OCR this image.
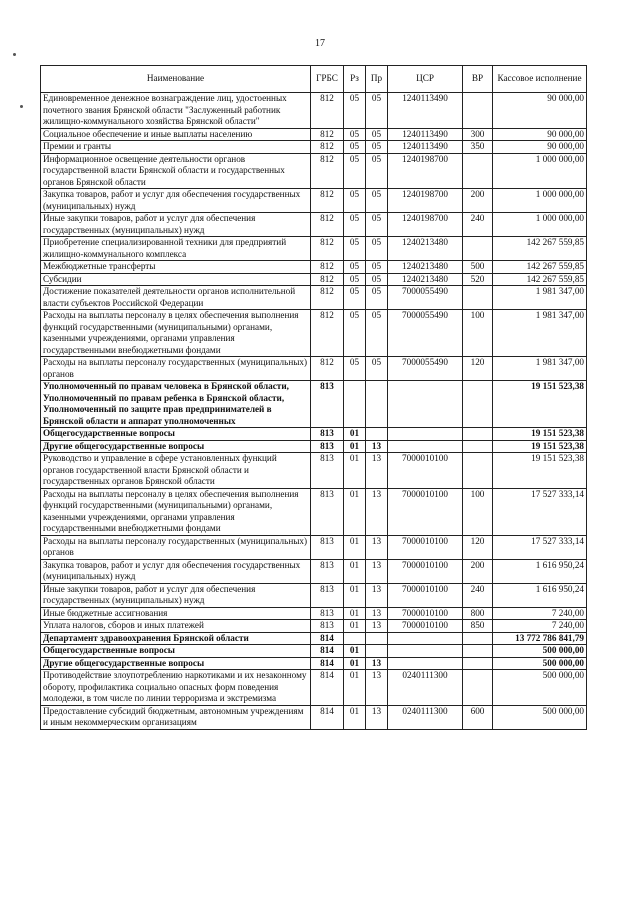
17
Наименование	ГРБС	Рз	Пр	ЦСР	ВР	Кассовое исполнение
Единовременное денежное вознаграждение лиц, удостоенных почетного звания Брянской области "Заслуженный работник жилищно-коммунального хозяйства Брянской области"	812	05	05	1240113490		90 000,00
Социальное обеспечение и иные выплаты населению	812	05	05	1240113490	300	90 000,00
Премии и гранты	812	05	05	1240113490	350	90 000,00
Информационное освещение деятельности органов государственной власти Брянской области и государственных органов Брянской области	812	05	05	1240198700		1 000 000,00
Закупка товаров, работ и услуг для обеспечения государственных (муниципальных) нужд	812	05	05	1240198700	200	1 000 000,00
Иные закупки товаров, работ и услуг для обеспечения государственных (муниципальных) нужд	812	05	05	1240198700	240	1 000 000,00
Приобретение специализированной техники для предприятий жилищно-коммунального комплекса	812	05	05	1240213480		142 267 559,85
Межбюджетные трансферты	812	05	05	1240213480	500	142 267 559,85
Субсидии	812	05	05	1240213480	520	142 267 559,85
Достижение показателей деятельности органов исполнительной власти субъектов Российской Федерации	812	05	05	7000055490		1 981 347,00
Расходы на выплаты персоналу в целях обеспечения выполнения функций государственными (муниципальными) органами, казенными учреждениями, органами управления государственными внебюджетными фондами	812	05	05	7000055490	100	1 981 347,00
Расходы на выплаты персоналу государственных (муниципальных) органов	812	05	05	7000055490	120	1 981 347,00
Уполномоченный по правам человека в Брянской области, Уполномоченный по правам ребенка в Брянской области, Уполномоченный по защите прав предпринимателей в Брянской области и аппарат уполномоченных	813					19 151 523,38
Общегосударственные вопросы	813	01				19 151 523,38
Другие общегосударственные вопросы	813	01	13			19 151 523,38
Руководство и управление в сфере установленных функций органов государственной власти Брянской области и государственных органов Брянской области	813	01	13	7000010100		19 151 523,38
Расходы на выплаты персоналу в целях обеспечения выполнения функций государственными (муниципальными) органами, казенными учреждениями, органами управления государственными внебюджетными фондами	813	01	13	7000010100	100	17 527 333,14
Расходы на выплаты персоналу государственных (муниципальных) органов	813	01	13	7000010100	120	17 527 333,14
Закупка товаров, работ и услуг для обеспечения государственных (муниципальных) нужд	813	01	13	7000010100	200	1 616 950,24
Иные закупки товаров, работ и услуг для обеспечения государственных (муниципальных) нужд	813	01	13	7000010100	240	1 616 950,24
Иные бюджетные ассигнования	813	01	13	7000010100	800	7 240,00
Уплата налогов, сборов и иных платежей	813	01	13	7000010100	850	7 240,00
Департамент здравоохранения Брянской области	814					13 772 786 841,79
Общегосударственные вопросы	814	01				500 000,00
Другие общегосударственные вопросы	814	01	13			500 000,00
Противодействие злоупотреблению наркотиками и их незаконному обороту, профилактика социально опасных форм поведения молодежи, в том числе по линии терроризма и экстремизма	814	01	13	0240111300		500 000,00
Предоставление субсидий бюджетным, автономным учреждениям и иным некоммерческим организациям	814	01	13	0240111300	600	500 000,00
